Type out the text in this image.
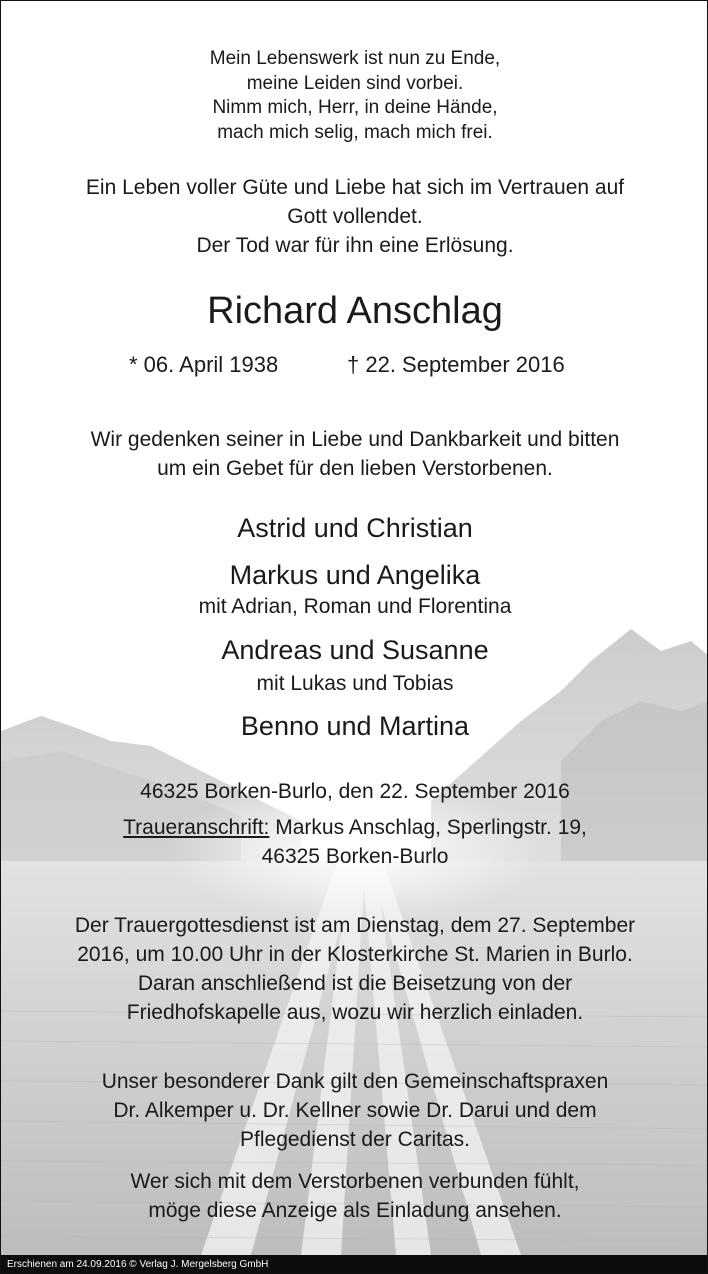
Mein Lebenswerk ist nun zu Ende,
meine Leiden sind vorbei.
Nimm mich, Herr, in deine Hände,
mach mich selig, mach mich frei.
Ein Leben voller Güte und Liebe hat sich im Vertrauen auf
Gott vollendet.
Der Tod war für ihn eine Erlösung.
Richard Anschlag
* 06. April 1938	† 22. September 2016
Wir gedenken seiner in Liebe und Dankbarkeit und bitten
um ein Gebet für den lieben Verstorbenen.
Astrid und Christian
Markus und Angelika
mit Adrian, Roman und Florentina
Andreas und Susanne
mit Lukas und Tobias
Benno und Martina
46325 Borken-Burlo, den 22. September 2016
Traueranschrift: Markus Anschlag, Sperlingstr. 19,
46325 Borken-Burlo
Der Trauergottesdienst ist am Dienstag, dem 27. September
2016, um 10.00 Uhr in der Klosterkirche St. Marien in Burlo.
Daran anschließend ist die Beisetzung von der
Friedhofskapelle aus, wozu wir herzlich einladen.
Unser besonderer Dank gilt den Gemeinschaftspraxen
Dr. Alkemper u. Dr. Kellner sowie Dr. Darui und dem
Pflegedienst der Caritas.
Wer sich mit dem Verstorbenen verbunden fühlt,
möge diese Anzeige als Einladung ansehen.
Erschienen am 24.09.2016 © Verlag J. Mergelsberg GmbH
